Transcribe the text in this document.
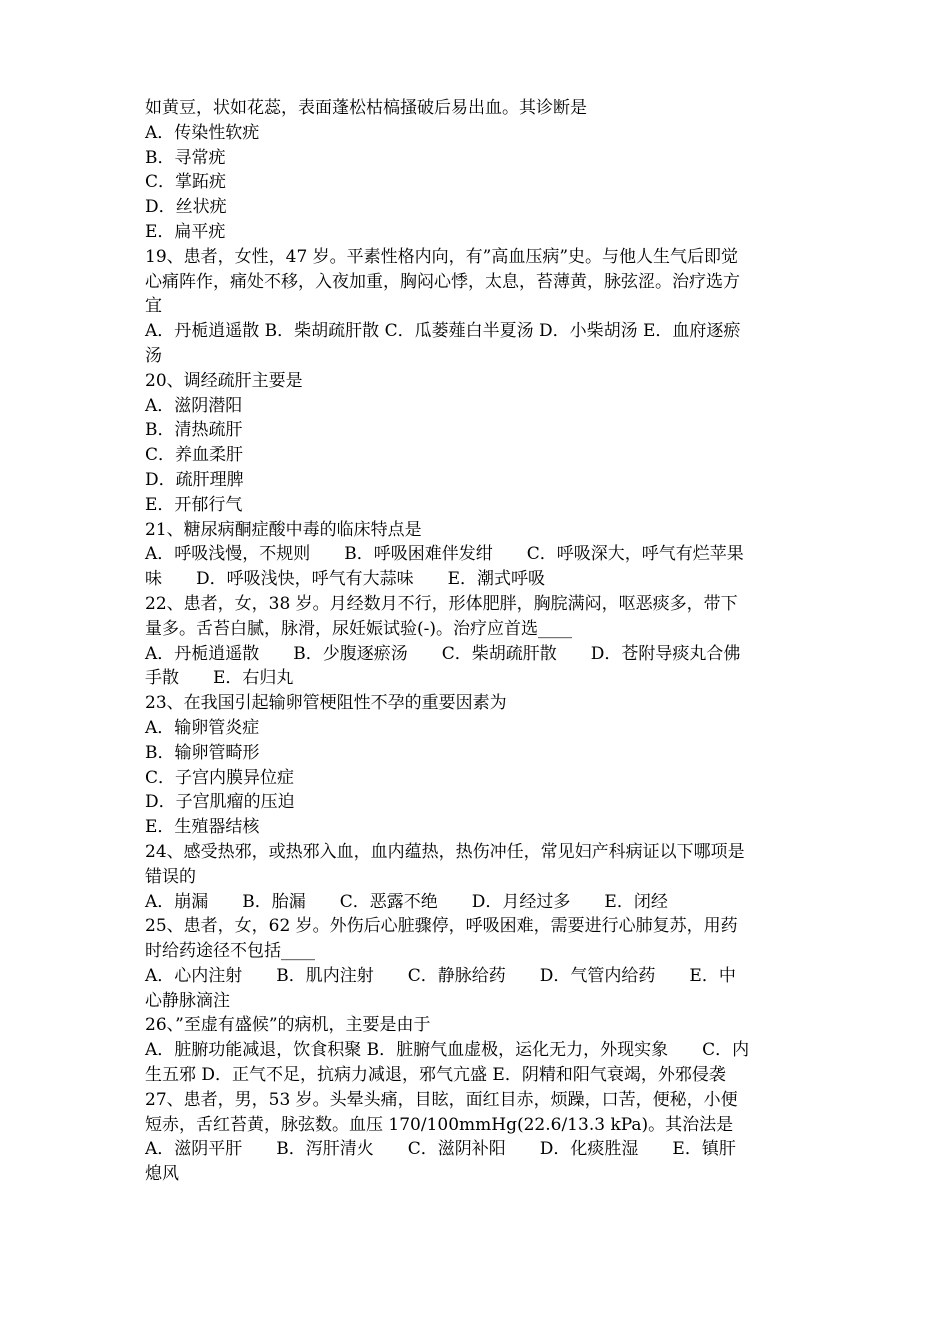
如黄豆，状如花蕊，表面蓬松枯槁搔破后易出血。其诊断是
A．传染性软疣
B．寻常疣
C．掌跖疣
D．丝状疣
E．扁平疣
19、患者，女性，47 岁。平素性格内向，有”高血压病”史。与他人生气后即觉
心痛阵作，痛处不移，入夜加重，胸闷心悸，太息，苔薄黄，脉弦涩。治疗选方
宜
A．丹栀逍遥散 B．柴胡疏肝散 C．瓜蒌薤白半夏汤 D．小柴胡汤 E．血府逐瘀
汤
20、调经疏肝主要是
A．滋阴潜阳
B．清热疏肝
C．养血柔肝
D．疏肝理脾
E．开郁行气
21、糖尿病酮症酸中毒的临床特点是
A．呼吸浅慢，不规则　　B．呼吸困难伴发绀　　C．呼吸深大，呼气有烂苹果
味　　D．呼吸浅快，呼气有大蒜味　　E．潮式呼吸
22、患者，女，38 岁。月经数月不行，形体肥胖，胸脘满闷，呕恶痰多，带下
量多。舌苔白腻，脉滑，尿妊娠试验(-)。治疗应首选____
A．丹栀逍遥散　　B．少腹逐瘀汤　　C．柴胡疏肝散　　D．苍附导痰丸合佛
手散　　E．右归丸
23、在我国引起输卵管梗阻性不孕的重要因素为
A．输卵管炎症
B．输卵管畸形
C．子宫内膜异位症
D．子宫肌瘤的压迫
E．生殖器结核
24、感受热邪，或热邪入血，血内蕴热，热伤冲任，常见妇产科病证以下哪项是
错误的
A．崩漏　　B．胎漏　　C．恶露不绝　　D．月经过多　　E．闭经
25、患者，女，62 岁。外伤后心脏骤停，呼吸困难，需要进行心肺复苏，用药
时给药途径不包括____
A．心内注射　　B．肌内注射　　C．静脉给药　　D．气管内给药　　E．中
心静脉滴注
26、”至虚有盛候”的病机，主要是由于
A．脏腑功能减退，饮食积聚 B．脏腑气血虚极，运化无力，外现实象　　C．内
生五邪 D．正气不足，抗病力减退，邪气亢盛 E．阴精和阳气衰竭，外邪侵袭
27、患者，男，53 岁。头晕头痛，目眩，面红目赤，烦躁，口苦，便秘，小便
短赤，舌红苔黄，脉弦数。血压 170/100mmHg(22.6/13.3 kPa)。其治法是
A．滋阴平肝　　B．泻肝清火　　C．滋阴补阳　　D．化痰胜湿　　E．镇肝
熄风
